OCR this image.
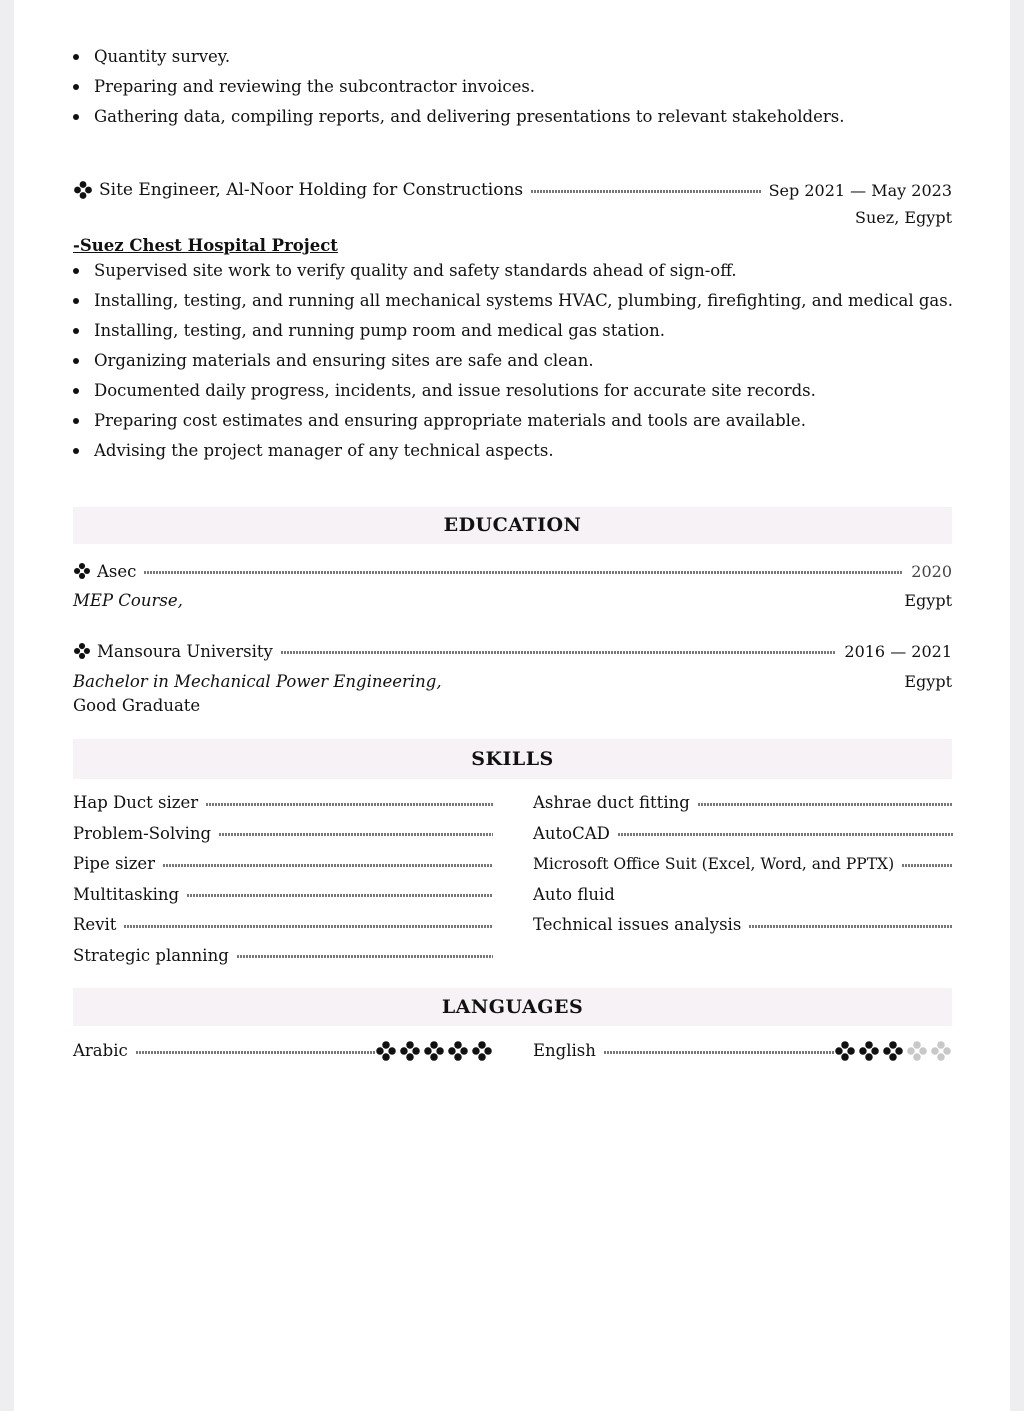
Quantity survey.
Preparing and reviewing the subcontractor invoices.
Gathering data, compiling reports, and delivering presentations to relevant stakeholders.
Site Engineer, Al-Noor Holding for Constructions	Sep 2021 — May 2023
Suez, Egypt
-Suez Chest Hospital Project
Supervised site work to verify quality and safety standards ahead of sign-off.
Installing, testing, and running all mechanical systems HVAC, plumbing, firefighting, and medical gas.
Installing, testing, and running pump room and medical gas station.
Organizing materials and ensuring sites are safe and clean.
Documented daily progress, incidents, and issue resolutions for accurate site records.
Preparing cost estimates and ensuring appropriate materials and tools are available.
Advising the project manager of any technical aspects.
EDUCATION
Asec	2020
MEP Course,	Egypt
Mansoura University	2016 — 2021
Bachelor in Mechanical Power Engineering,	Egypt
Good Graduate
SKILLS
Hap Duct sizer
Problem-Solving
Pipe sizer
Multitasking
Revit
Strategic planning
Ashrae duct fitting
AutoCAD
Microsoft Office Suit (Excel, Word, and PPTX)
Auto fluid
Technical issues analysis
LANGUAGES
Arabic	English
